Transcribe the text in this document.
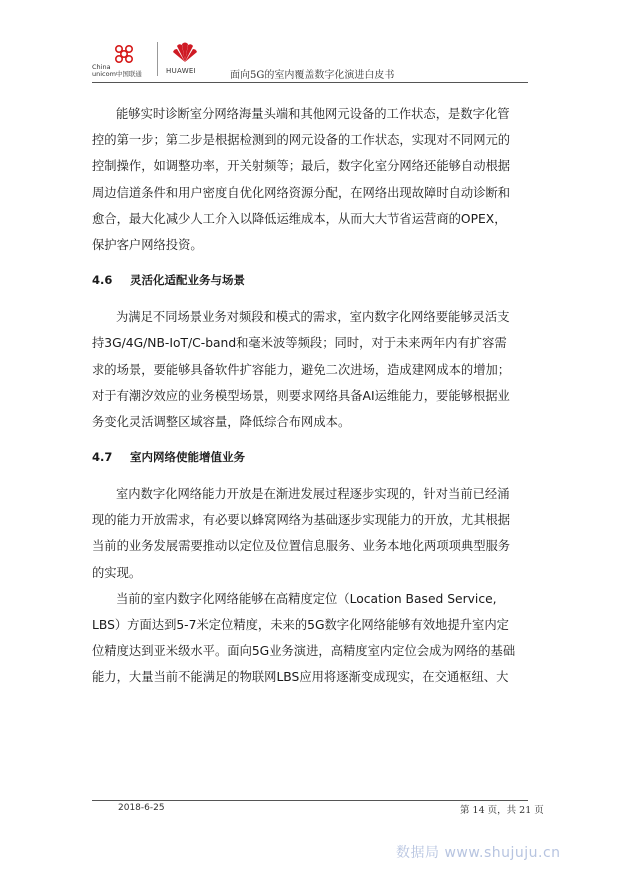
China
unicom中国联通	HUAWEI	面向5G的室内覆盖数字化演进白皮书

能够实时诊断室分网络海量头端和其他网元设备的工作状态，是数字化管
控的第一步；第二步是根据检测到的网元设备的工作状态，实现对不同网元的
控制操作，如调整功率，开关射频等；最后，数字化室分网络还能够自动根据
周边信道条件和用户密度自优化网络资源分配，在网络出现故障时自动诊断和
愈合，最大化减少人工介入以降低运维成本，从而大大节省运营商的OPEX，
保护客户网络投资。

4.6 灵活化适配业务与场景

为满足不同场景业务对频段和模式的需求，室内数字化网络要能够灵活支
持3G/4G/NB-IoT/C-band和毫米波等频段；同时，对于未来两年内有扩容需
求的场景，要能够具备软件扩容能力，避免二次进场，造成建网成本的增加；
对于有潮汐效应的业务模型场景，则要求网络具备AI运维能力，要能够根据业
务变化灵活调整区域容量，降低综合布网成本。

4.7 室内网络使能增值业务

室内数字化网络能力开放是在渐进发展过程逐步实现的，针对当前已经涌
现的能力开放需求，有必要以蜂窝网络为基础逐步实现能力的开放，尤其根据
当前的业务发展需要推动以定位及位置信息服务、业务本地化两项项典型服务
的实现。

当前的室内数字化网络能够在高精度定位（Location Based Service,
LBS）方面达到5-7米定位精度，未来的5G数字化网络能够有效地提升室内定
位精度达到亚米级水平。面向5G业务演进，高精度室内定位会成为网络的基础
能力，大量当前不能满足的物联网LBS应用将逐渐变成现实，在交通枢纽、大

2018-6-25	第 14 页，共 21 页
数据局 www.shujuju.cn
